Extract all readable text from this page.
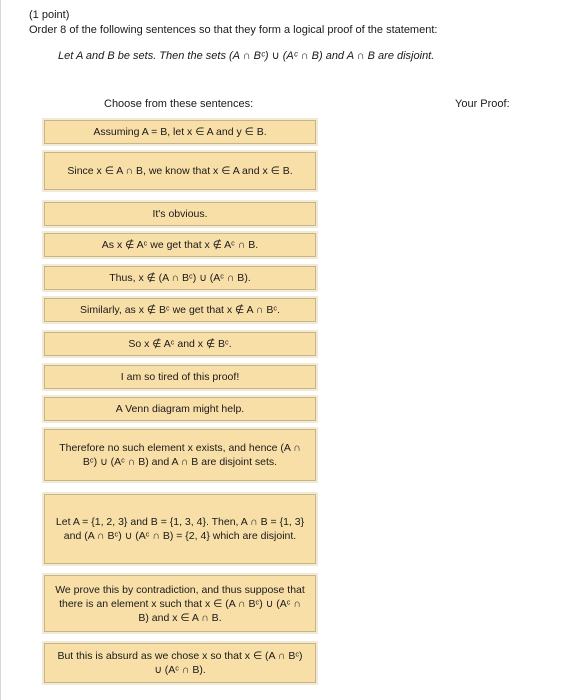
(1 point)
Order 8 of the following sentences so that they form a logical proof of the statement:
Let A and B be sets. Then the sets (A ∩ Bᶜ) ∪ (Aᶜ ∩ B) and A ∩ B are disjoint.
Choose from these sentences:	Your Proof:
Assuming A = B, let x ∈ A and y ∈ B.
Since x ∈ A ∩ B, we know that x ∈ A and x ∈ B.
It's obvious.
As x ∉ Aᶜ we get that x ∉ Aᶜ ∩ B.
Thus, x ∉ (A ∩ Bᶜ) ∪ (Aᶜ ∩ B).
Similarly, as x ∉ Bᶜ we get that x ∉ A ∩ Bᶜ.
So x ∉ Aᶜ and x ∉ Bᶜ.
I am so tired of this proof!
A Venn diagram might help.
Therefore no such element x exists, and hence (A ∩ Bᶜ) ∪ (Aᶜ ∩ B) and A ∩ B are disjoint sets.
Let A = {1, 2, 3} and B = {1, 3, 4}. Then, A ∩ B = {1, 3} and (A ∩ Bᶜ) ∪ (Aᶜ ∩ B) = {2, 4} which are disjoint.
We prove this by contradiction, and thus suppose that there is an element x such that x ∈ (A ∩ Bᶜ) ∪ (Aᶜ ∩ B) and x ∈ A ∩ B.
But this is absurd as we chose x so that x ∈ (A ∩ Bᶜ) ∪ (Aᶜ ∩ B).
